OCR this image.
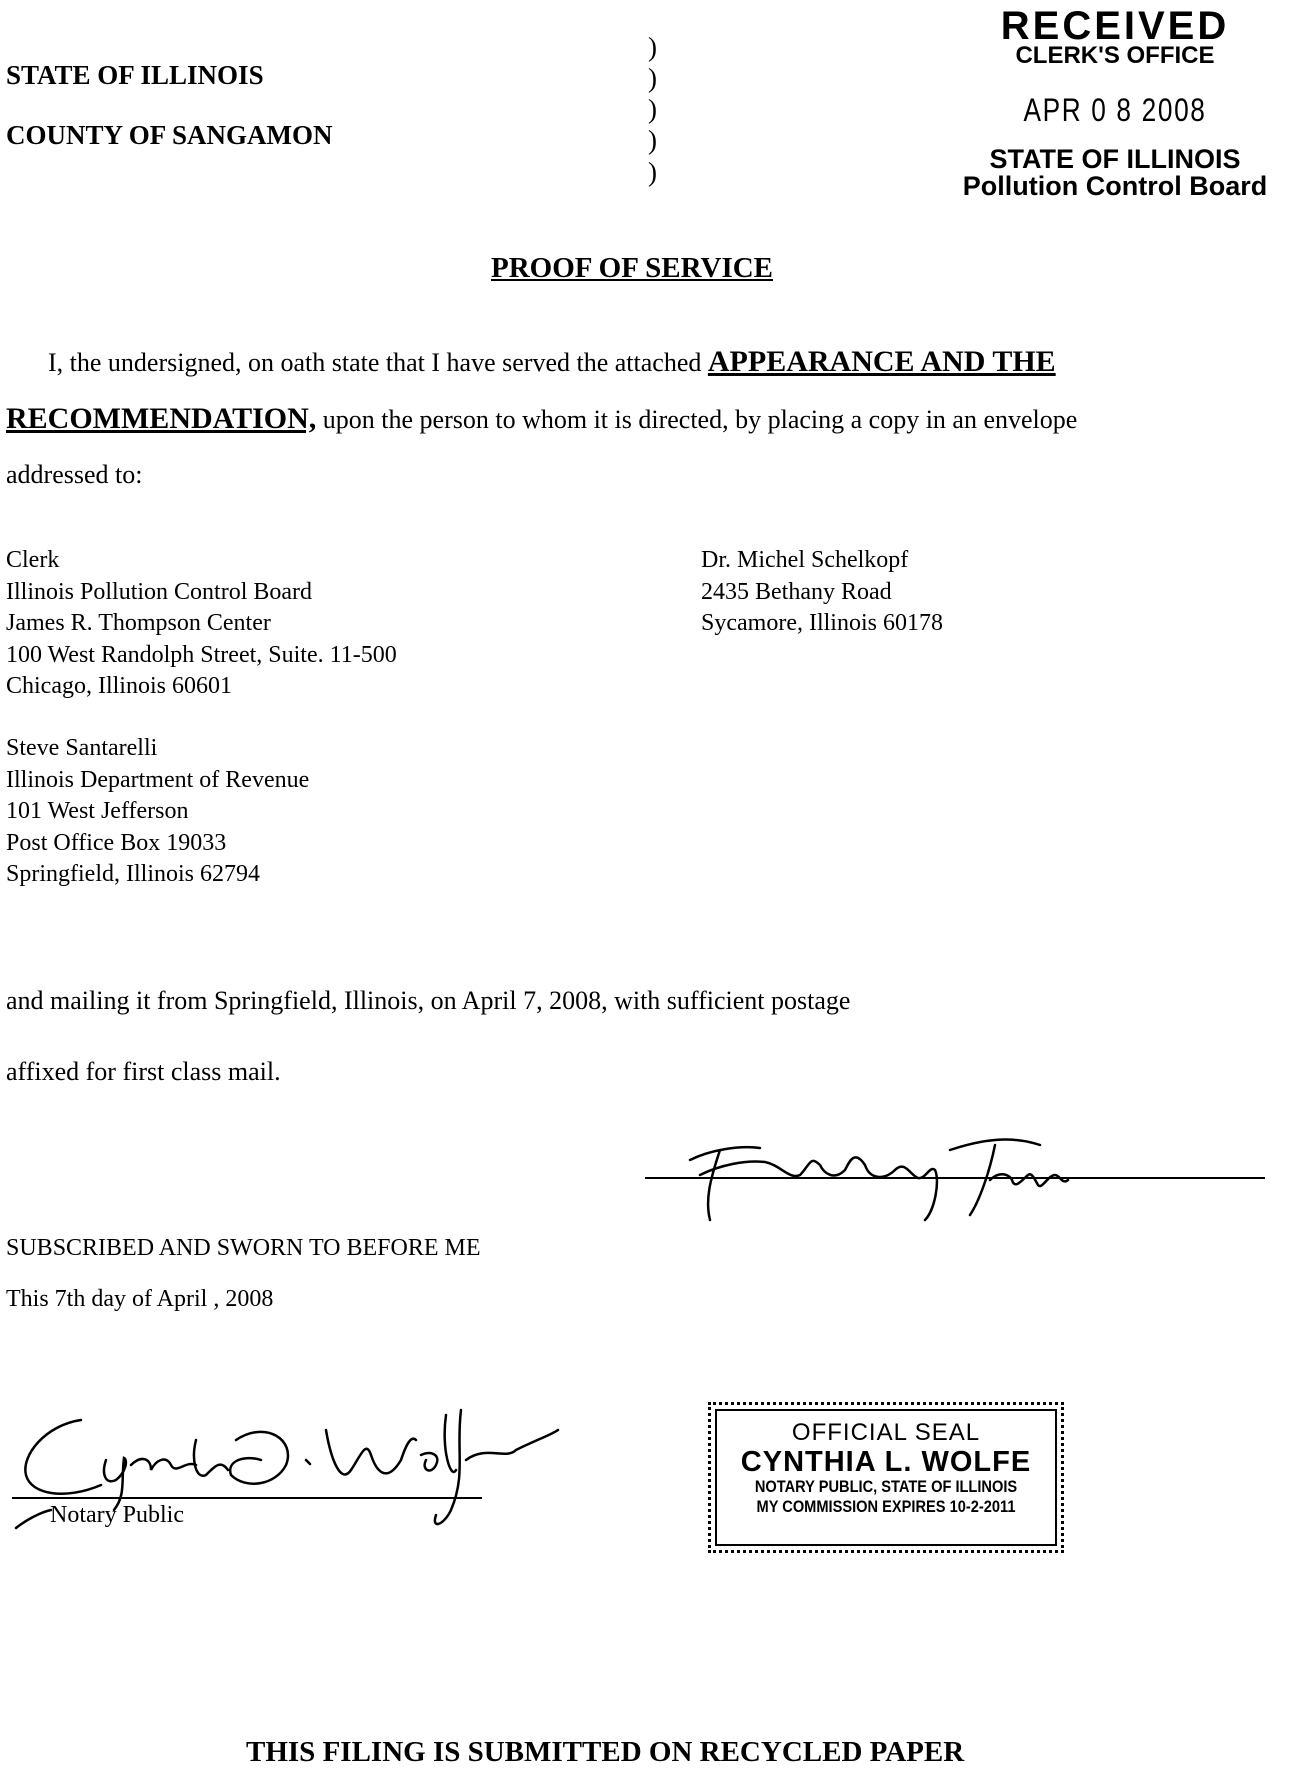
STATE OF ILLINOIS
COUNTY OF SANGAMON
)
)
)
)
)
RECEIVED
CLERK'S OFFICE
APR 0 8 2008
STATE OF ILLINOIS
Pollution Control Board
PROOF OF SERVICE
I, the undersigned, on oath state that I have served the attached APPEARANCE AND THE
RECOMMENDATION, upon the person to whom it is directed, by placing a copy in an envelope
addressed to:
Clerk
Illinois Pollution Control Board
James R. Thompson Center
100 West Randolph Street, Suite. 11-500
Chicago, Illinois 60601
Dr. Michel Schelkopf
2435 Bethany Road
Sycamore, Illinois 60178
Steve Santarelli
Illinois Department of Revenue
101 West Jefferson
Post Office Box 19033
Springfield, Illinois 62794
and mailing it from Springfield, Illinois, on April 7, 2008, with sufficient postage
affixed for first class mail.
SUBSCRIBED AND SWORN TO BEFORE ME
This 7th day of April , 2008
Notary Public
OFFICIAL SEAL
CYNTHIA L. WOLFE
NOTARY PUBLIC, STATE OF ILLINOIS
MY COMMISSION EXPIRES 10-2-2011
THIS FILING IS SUBMITTED ON RECYCLED PAPER
